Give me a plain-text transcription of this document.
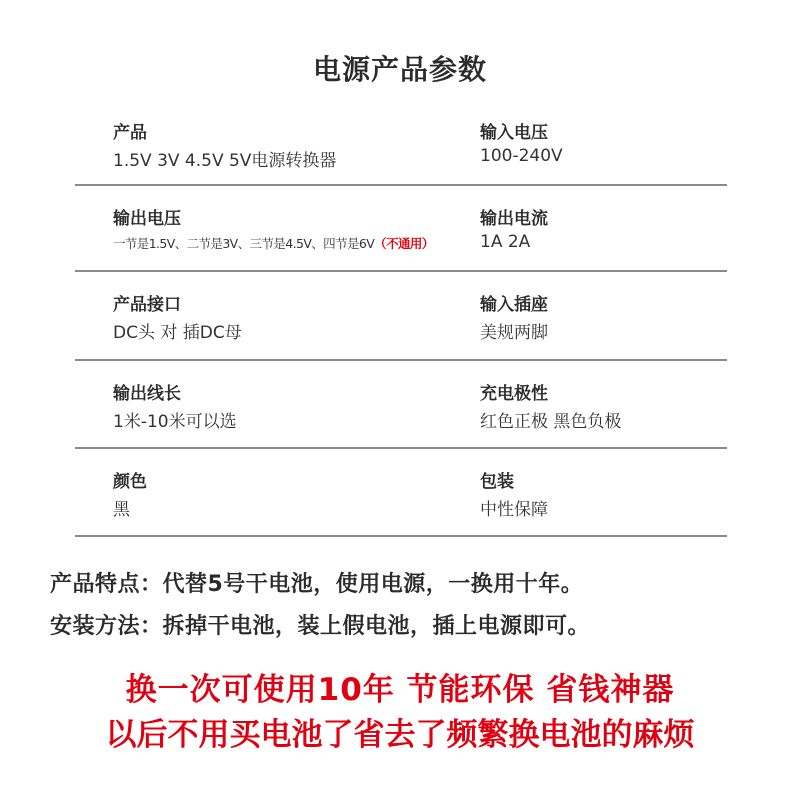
电源产品参数
产品
1.5V 3V 4.5V 5V电源转换器
输入电压
100-240V
输出电压
一节是1.5V、二节是3V、三节是4.5V、四节是6V（不通用）
输出电流
1A 2A
产品接口
DC头 对 插DC母
输入插座
美规两脚
输出线长
1米-10米可以选
充电极性
红色正极 黑色负极
颜色
黑
包装
中性保障
产品特点：代替5号干电池，使用电源，一换用十年。
安装方法：拆掉干电池，装上假电池，插上电源即可。
换一次可使用10年 节能环保 省钱神器
以后不用买电池了省去了频繁换电池的麻烦
